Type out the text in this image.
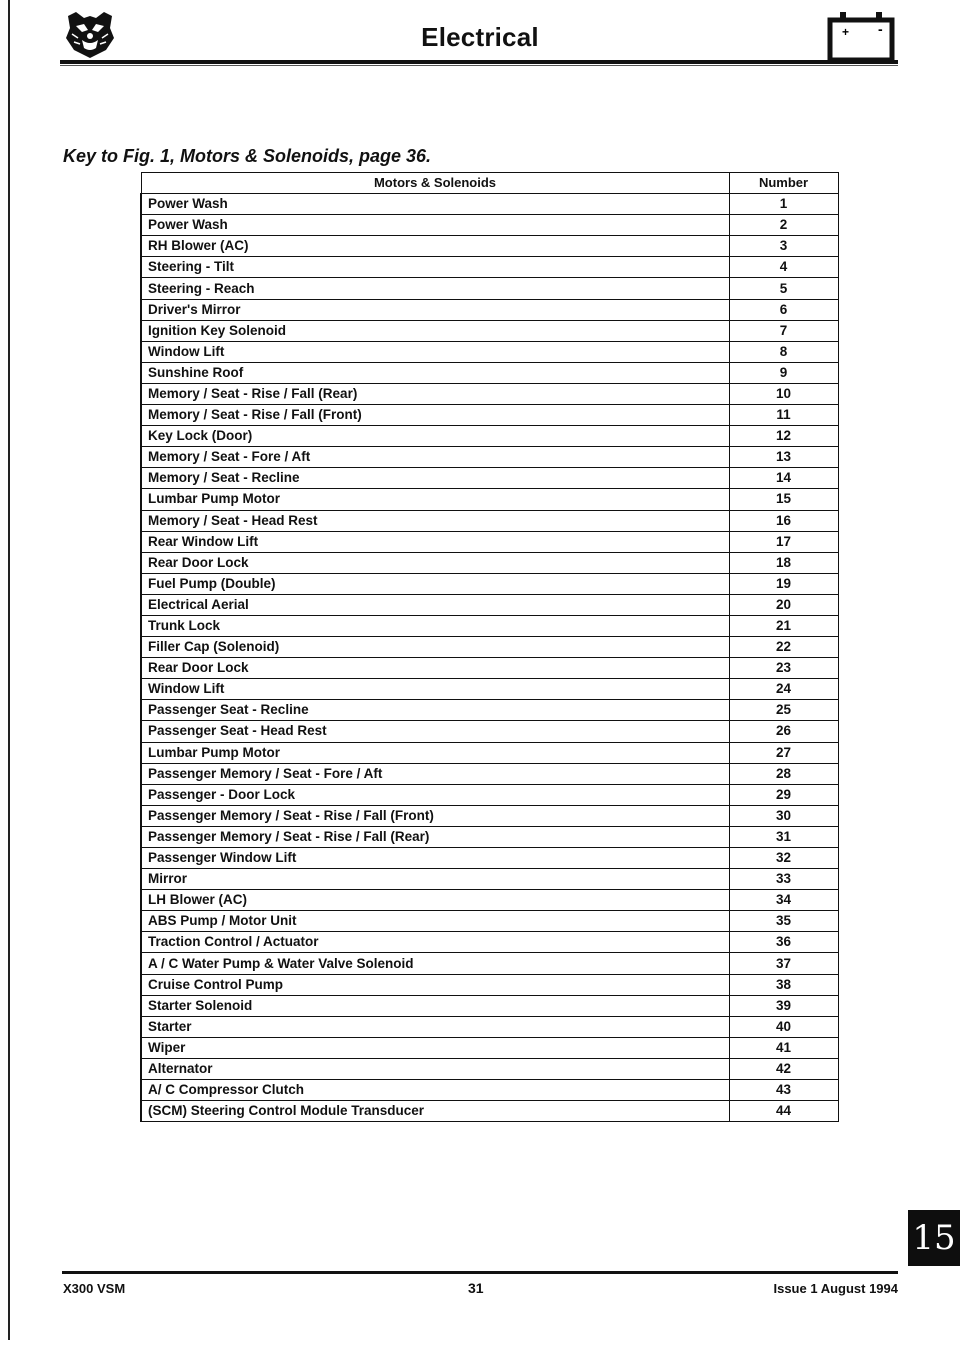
Electrical	+ -
Key to Fig. 1, Motors & Solenoids, page 36.
Motors & Solenoids	Number
Power Wash	1
Power Wash	2
RH Blower (AC)	3
Steering - Tilt	4
Steering - Reach	5
Driver's Mirror	6
Ignition Key Solenoid	7
Window Lift	8
Sunshine Roof	9
Memory / Seat - Rise / Fall (Rear)	10
Memory / Seat - Rise / Fall (Front)	11
Key Lock (Door)	12
Memory / Seat - Fore / Aft	13
Memory / Seat - Recline	14
Lumbar Pump Motor	15
Memory / Seat - Head Rest	16
Rear Window Lift	17
Rear Door Lock	18
Fuel Pump (Double)	19
Electrical Aerial	20
Trunk Lock	21
Filler Cap (Solenoid)	22
Rear Door Lock	23
Window Lift	24
Passenger Seat - Recline	25
Passenger Seat - Head Rest	26
Lumbar Pump Motor	27
Passenger Memory / Seat - Fore / Aft	28
Passenger - Door Lock	29
Passenger Memory / Seat - Rise / Fall (Front)	30
Passenger Memory / Seat - Rise / Fall (Rear)	31
Passenger Window Lift	32
Mirror	33
LH Blower (AC)	34
ABS Pump / Motor Unit	35
Traction Control / Actuator	36
A / C Water Pump & Water Valve Solenoid	37
Cruise Control Pump	38
Starter Solenoid	39
Starter	40
Wiper	41
Alternator	42
A/ C Compressor Clutch	43
(SCM) Steering Control Module Transducer	44
15
X300 VSM	31	Issue 1 August 1994
